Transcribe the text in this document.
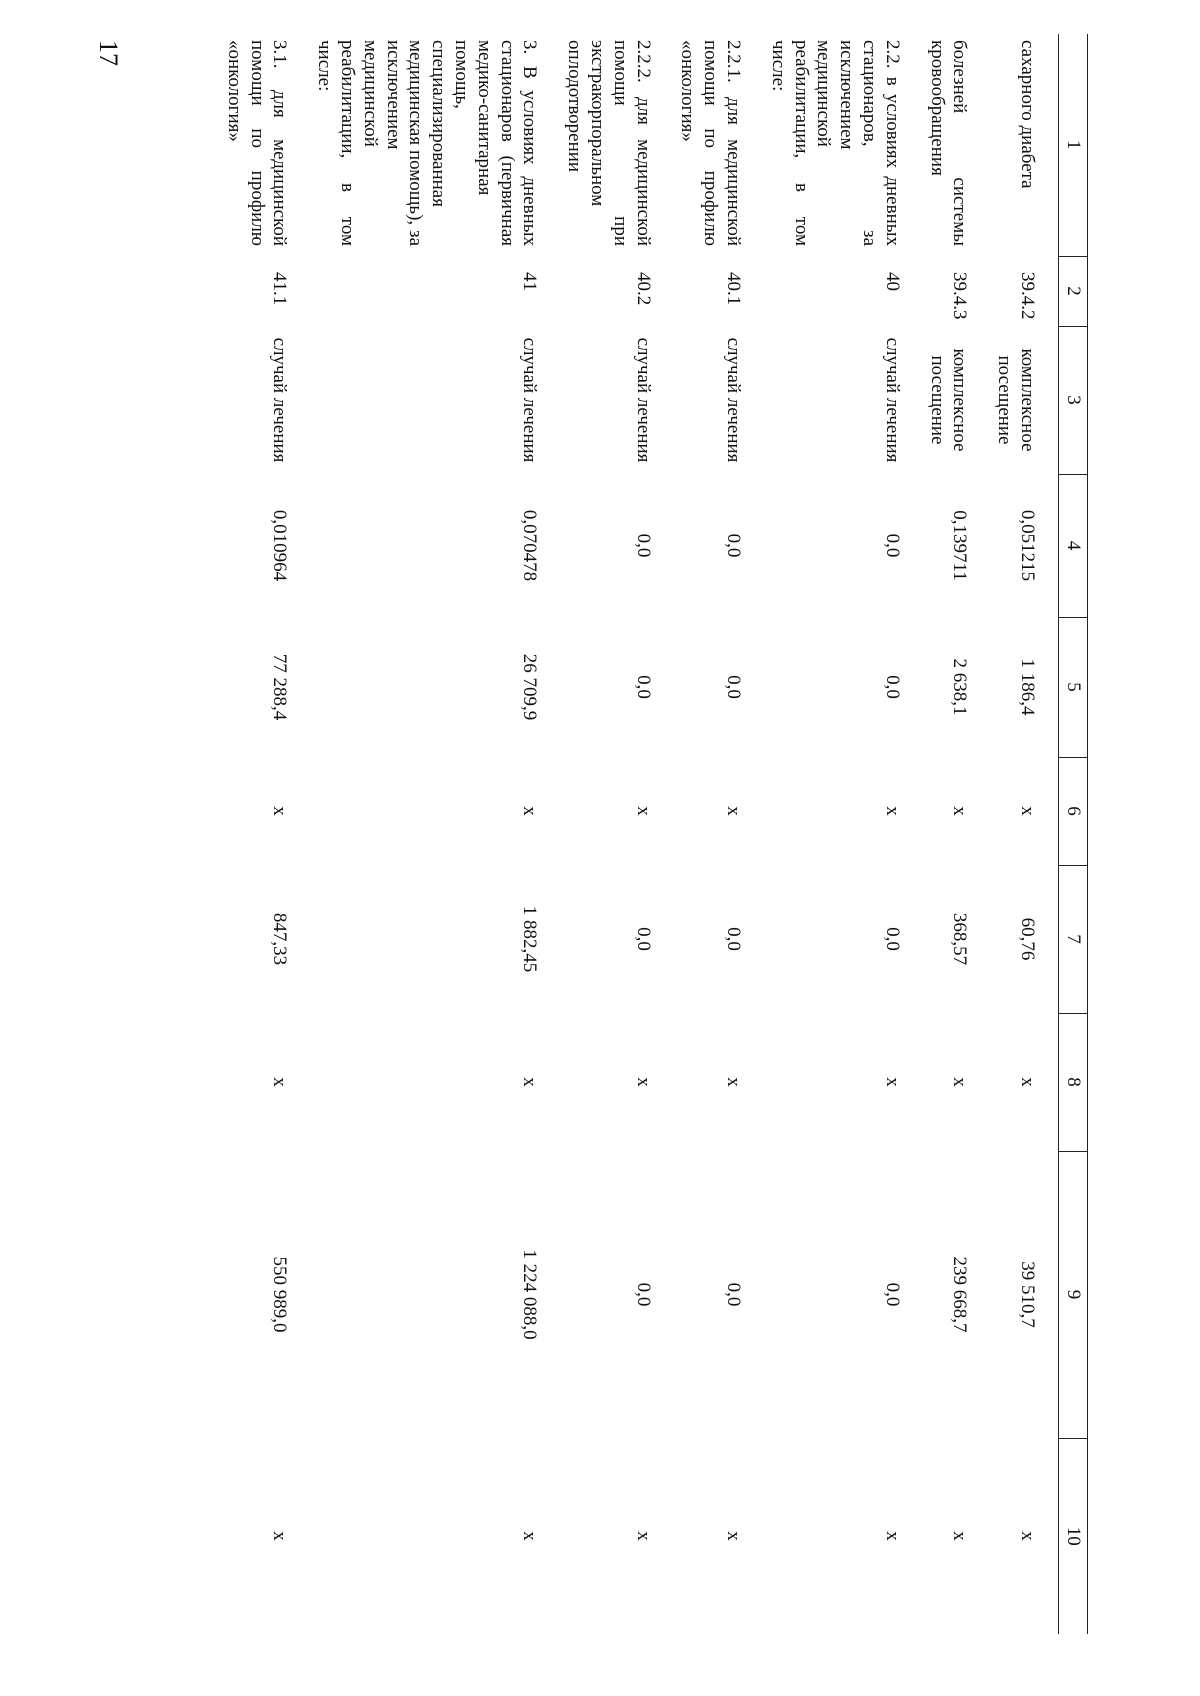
17
1	2	3	4	5	6	7	8	9	10
сахарного диабета	39.4.2	комплексное посещение	0,051215	1 186,4	х	60,76	х	39 510,7	х
болезней системы кровообращения	39.4.3	комплексное посещение	0,139711	2 638,1	х	368,57	х	239 668,7	х
2.2. в условиях дневных стационаров, за исключением медицинской реабилитации, в том числе:	40	случай лечения	0,0	0,0	х	0,0	х	0,0	х
2.2.1. для медицинской помощи по профилю «онкология»	40.1	случай лечения	0,0	0,0	х	0,0	х	0,0	х
2.2.2. для медицинской помощи при экстракорпоральном оплодотворении	40.2	случай лечения	0,0	0,0	х	0,0	х	0,0	х
3. В условиях дневных стационаров (первичная медико-санитарная помощь, специализированная медицинская помощь), за исключением медицинской реабилитации, в том числе:	41	случай лечения	0,070478	26 709,9	х	1 882,45	х	1 224 088,0	х
3.1. для медицинской помощи по профилю «онкология»	41.1	случай лечения	0,010964	77 288,4	х	847,33	х	550 989,0	х
